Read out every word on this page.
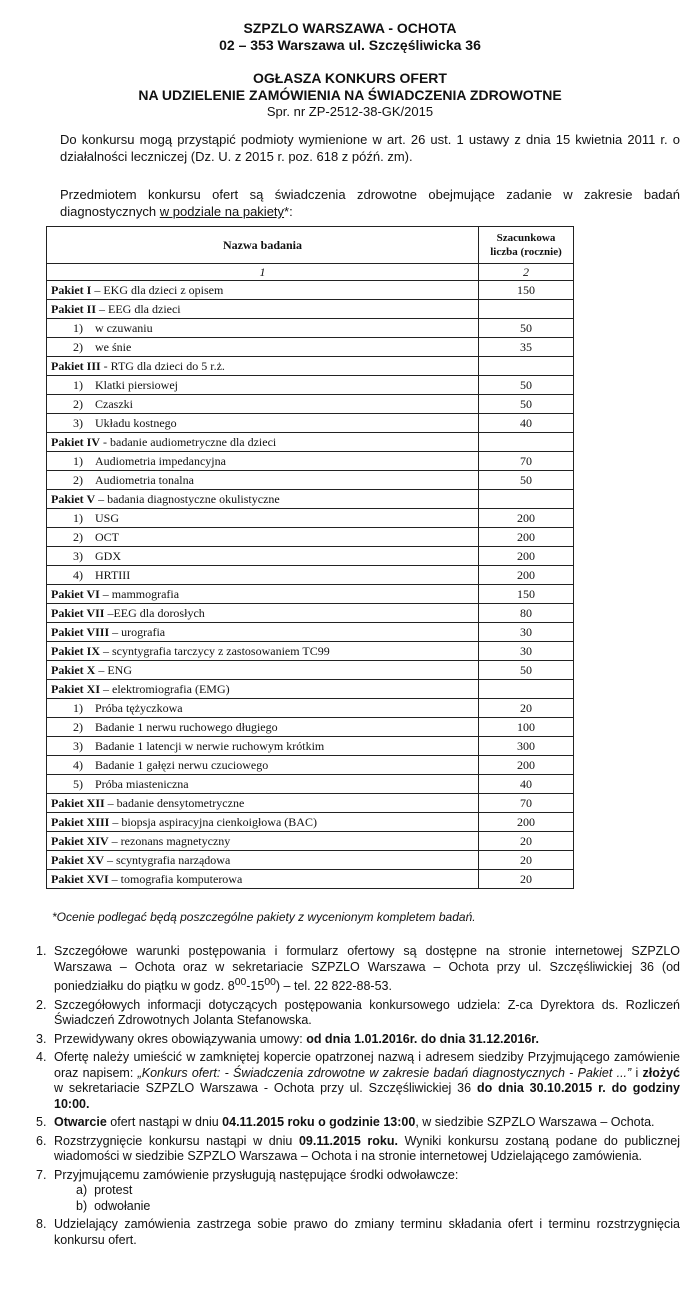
SZPZLO WARSZAWA - OCHOTA
02 – 353 Warszawa ul. Szczęśliwicka 36
OGŁASZA KONKURS OFERT
NA UDZIELENIE ZAMÓWIENIA NA ŚWIADCZENIA ZDROWOTNE
Spr. nr ZP-2512-38-GK/2015
Do konkursu mogą przystąpić podmioty wymienione w art. 26 ust. 1 ustawy z dnia 15 kwietnia 2011 r. o działalności leczniczej (Dz. U. z 2015 r. poz. 618 z późń. zm).
Przedmiotem konkursu ofert są świadczenia zdrowotne obejmujące zadanie w zakresie badań diagnostycznych w podziale na pakiety*:
Nazwa badania	Szacunkowa liczba (rocznie)
1	2
Pakiet I – EKG dla dzieci z opisem	150
Pakiet II – EEG dla dzieci	
1) w czuwaniu	50
2) we śnie	35
Pakiet III - RTG dla dzieci do 5 r.ż.	
1) Klatki piersiowej	50
2) Czaszki	50
3) Układu kostnego	40
Pakiet IV - badanie audiometryczne dla dzieci	
1) Audiometria impedancyjna	70
2) Audiometria tonalna	50
Pakiet V – badania diagnostyczne okulistyczne	
1) USG	200
2) OCT	200
3) GDX	200
4) HRTIII	200
Pakiet VI – mammografia	150
Pakiet VII –EEG dla dorosłych	80
Pakiet VIII – urografia	30
Pakiet IX – scyntygrafia tarczycy z zastosowaniem TC99	30
Pakiet X – ENG	50
Pakiet XI – elektromiografia (EMG)	
1) Próba tężyczkowa	20
2) Badanie 1 nerwu ruchowego długiego	100
3) Badanie 1 latencji w nerwie ruchowym krótkim	300
4) Badanie 1 gałęzi nerwu czuciowego	200
5) Próba miasteniczna	40
Pakiet XII – badanie densytometryczne	70
Pakiet XIII – biopsja aspiracyjna cienkoigłowa (BAC)	200
Pakiet XIV – rezonans magnetyczny	20
Pakiet XV – scyntygrafia narządowa	20
Pakiet XVI – tomografia komputerowa	20
*Ocenie podlegać będą poszczególne pakiety z wycenionym kompletem badań.
1. Szczegółowe warunki postępowania i formularz ofertowy są dostępne na stronie internetowej SZPZLO Warszawa – Ochota oraz w sekretariacie SZPZLO Warszawa – Ochota przy ul. Szczęśliwickiej 36 (od poniedziałku do piątku w godz. $8^{00}-15^{00}$) – tel. 22 822-88-53.
2. Szczegółowych informacji dotyczących postępowania konkursowego udziela: Z-ca Dyrektora ds. Rozliczeń Świadczeń Zdrowotnych Jolanta Stefanowska.
3. Przewidywany okres obowiązywania umowy: od dnia 1.01.2016r. do dnia 31.12.2016r.
4. Ofertę należy umieścić w zamkniętej kopercie opatrzonej nazwą i adresem siedziby Przyjmującego zamówienie oraz napisem: „Konkurs ofert: - Świadczenia zdrowotne w zakresie badań diagnostycznych - Pakiet ...” i złożyć w sekretariacie SZPZLO Warszawa - Ochota przy ul. Szczęśliwickiej 36 do dnia 30.10.2015 r. do godziny 10:00.
5. Otwarcie ofert nastąpi w dniu 04.11.2015 roku o godzinie 13:00, w siedzibie SZPZLO Warszawa – Ochota.
6. Rozstrzygnięcie konkursu nastąpi w dniu 09.11.2015 roku. Wyniki konkursu zostaną podane do publicznej wiadomości w siedzibie SZPZLO Warszawa – Ochota i na stronie internetowej Udzielającego zamówienia.
7. Przyjmującemu zamówienie przysługują następujące środki odwoławcze:
a) protest
b) odwołanie
8. Udzielający zamówienia zastrzega sobie prawo do zmiany terminu składania ofert i terminu rozstrzygnięcia konkursu ofert.
